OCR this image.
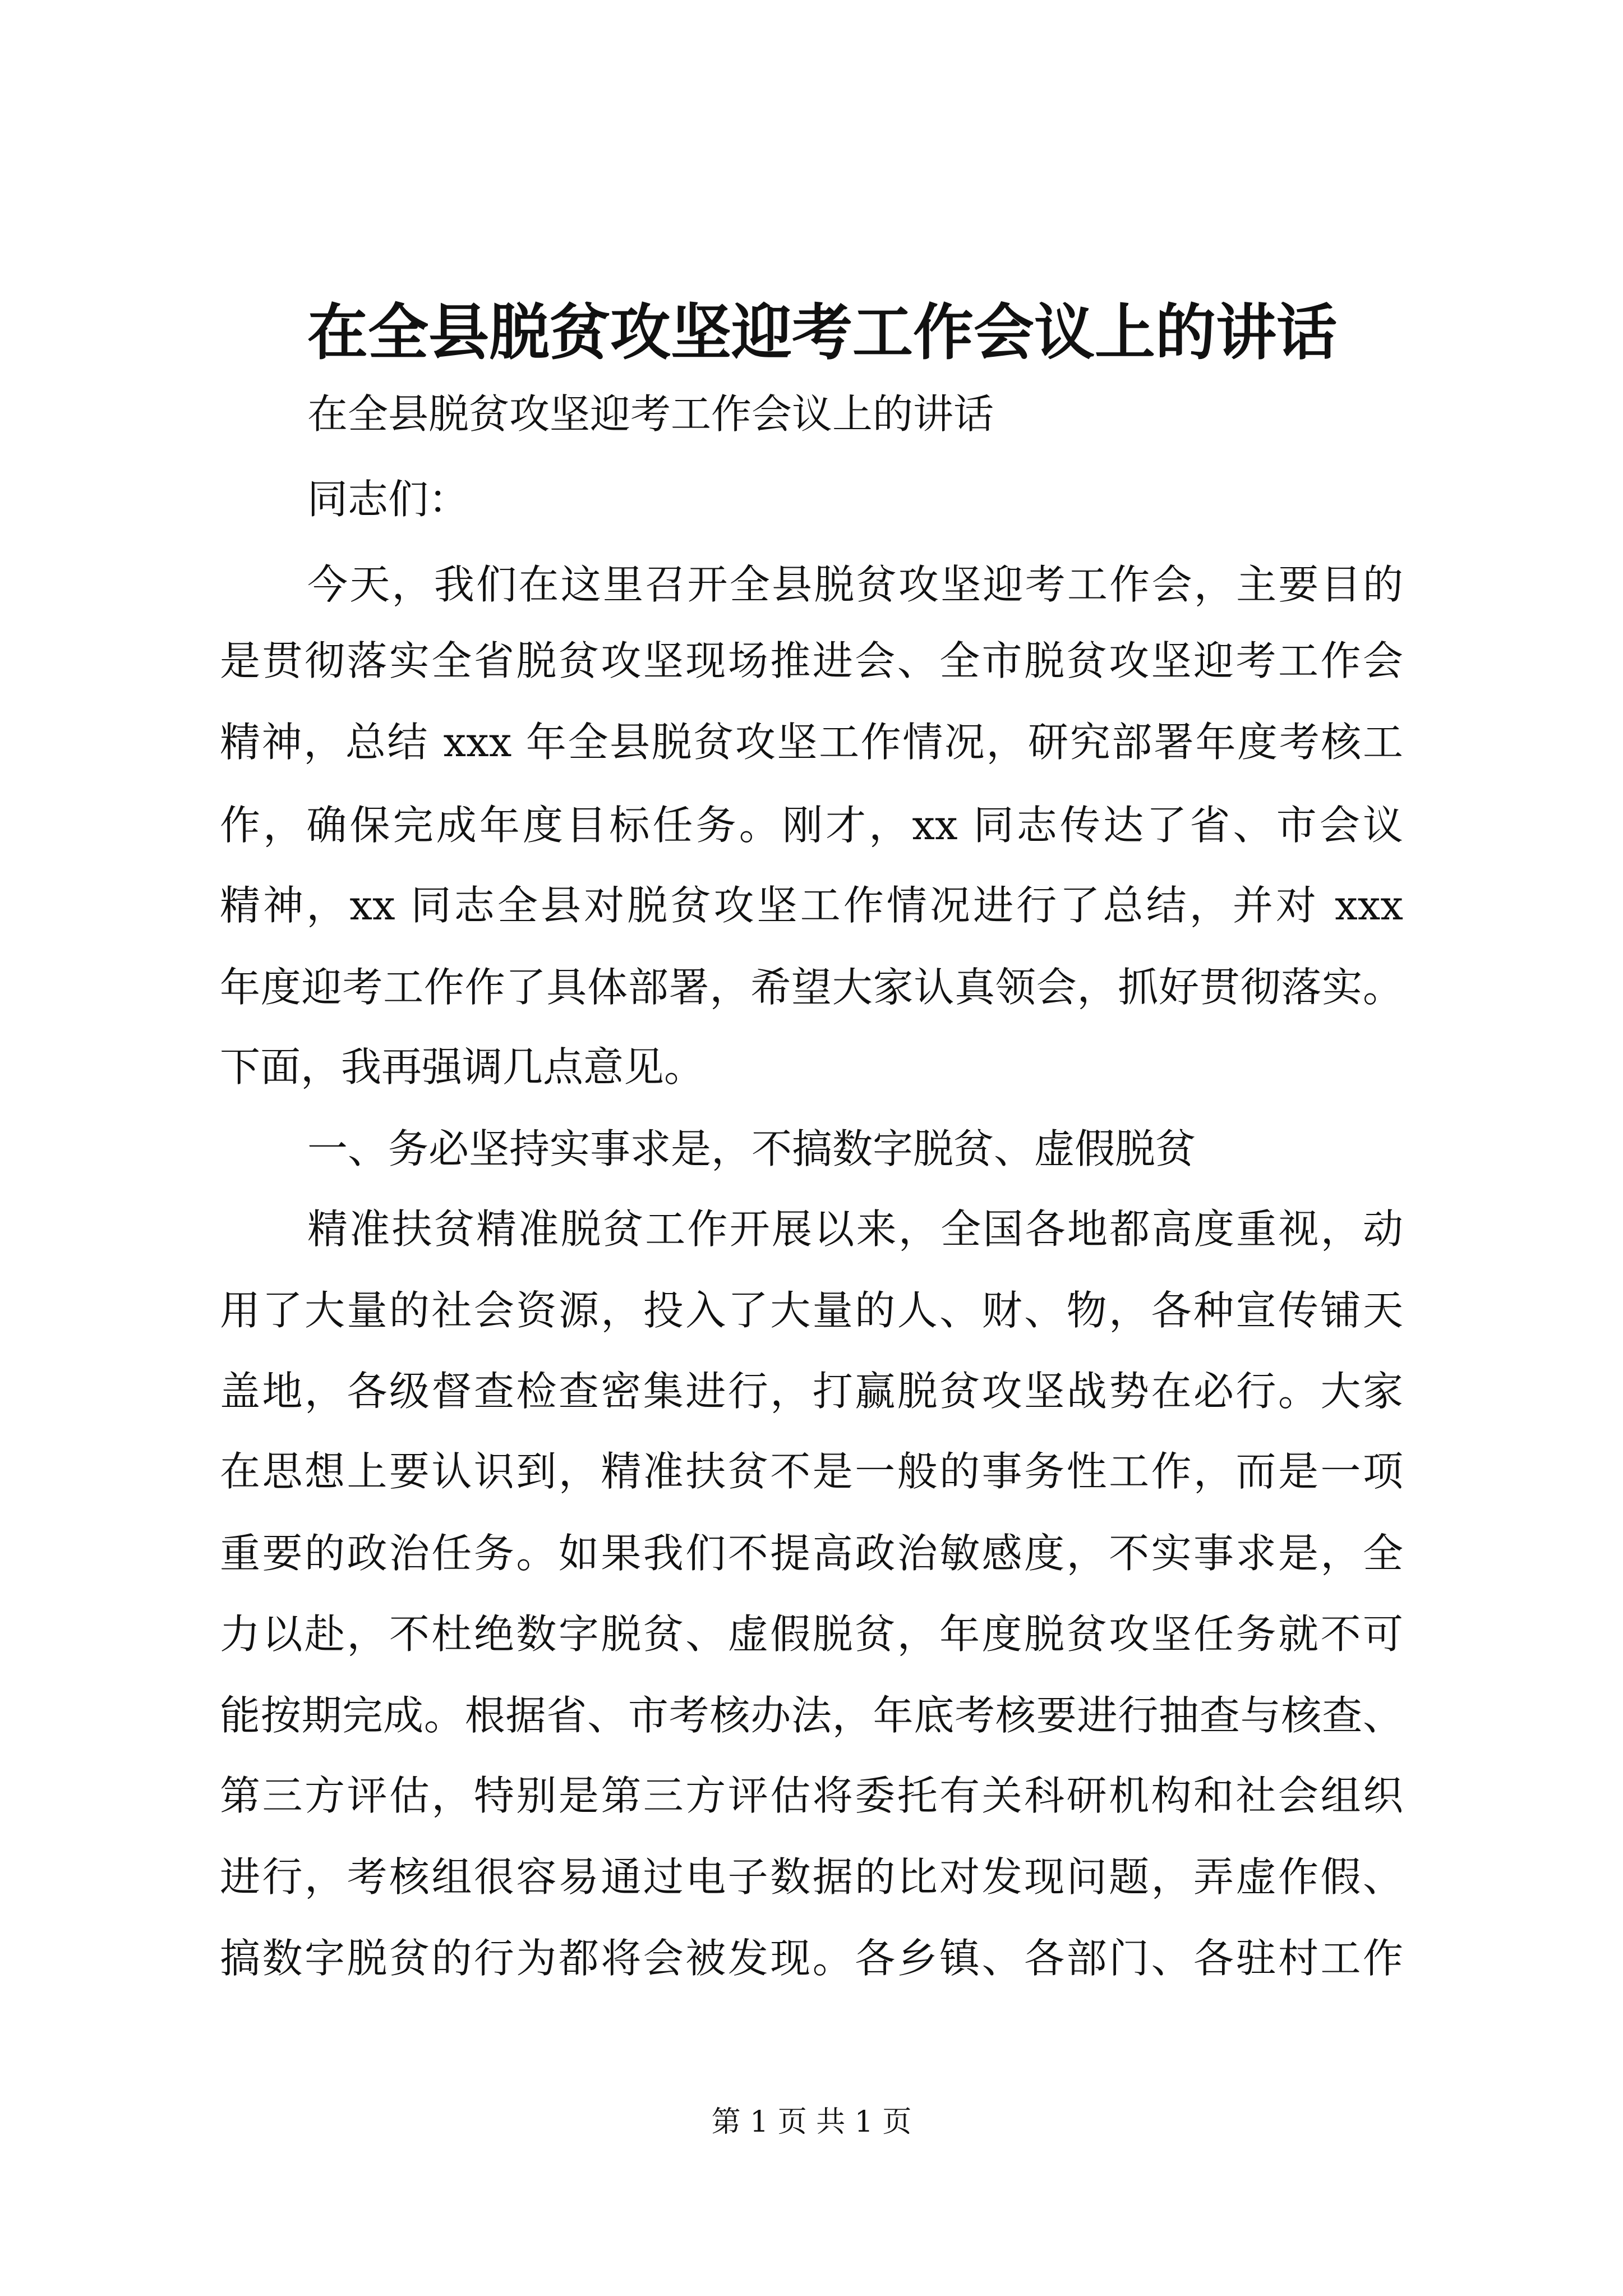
在全县脱贫攻坚迎考工作会议上的讲话
在全县脱贫攻坚迎考工作会议上的讲话
同志们：
今天，我们在这里召开全县脱贫攻坚迎考工作会，主要目的
是贯彻落实全省脱贫攻坚现场推进会、全市脱贫攻坚迎考工作会
精神，总结 xxx 年全县脱贫攻坚工作情况，研究部署年度考核工
作，确保完成年度目标任务。刚才，xx 同志传达了省、市会议
精神，xx 同志全县对脱贫攻坚工作情况进行了总结，并对 xxx
年度迎考工作作了具体部署，希望大家认真领会，抓好贯彻落实。
下面，我再强调几点意见。
一、务必坚持实事求是，不搞数字脱贫、虚假脱贫
精准扶贫精准脱贫工作开展以来，全国各地都高度重视，动
用了大量的社会资源，投入了大量的人、财、物，各种宣传铺天
盖地，各级督查检查密集进行，打赢脱贫攻坚战势在必行。大家
在思想上要认识到，精准扶贫不是一般的事务性工作，而是一项
重要的政治任务。如果我们不提高政治敏感度，不实事求是，全
力以赴，不杜绝数字脱贫、虚假脱贫，年度脱贫攻坚任务就不可
能按期完成。根据省、市考核办法，年底考核要进行抽查与核查、
第三方评估，特别是第三方评估将委托有关科研机构和社会组织
进行，考核组很容易通过电子数据的比对发现问题，弄虚作假、
搞数字脱贫的行为都将会被发现。各乡镇、各部门、各驻村工作
第 1 页 共 1 页
